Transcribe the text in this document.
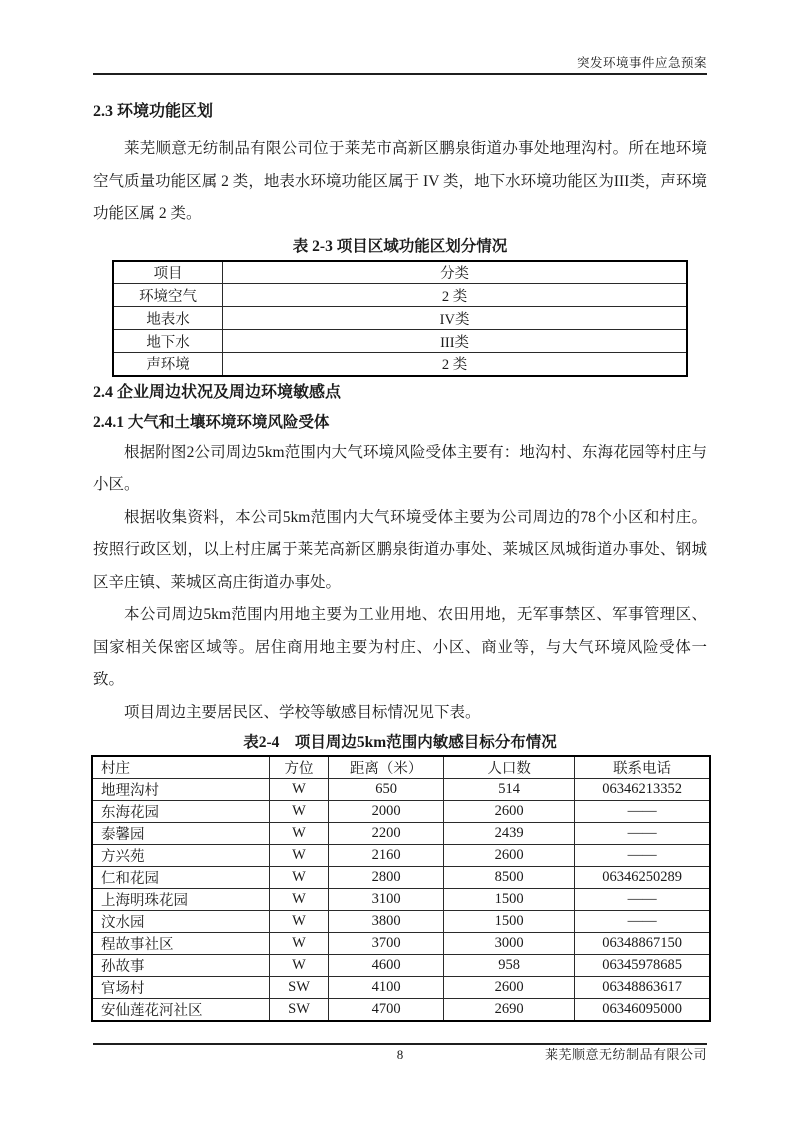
突发环境事件应急预案
2.3 环境功能区划

莱芜顺意无纺制品有限公司位于莱芜市高新区鹏泉街道办事处地理沟村。所在地环境空气质量功能区属 2 类，地表水环境功能区属于 IV 类，地下水环境功能区为III类，声环境功能区属 2 类。

表 2-3 项目区域功能区划分情况
项目	分类
环境空气	2 类
地表水	IV类
地下水	III类
声环境	2 类
2.4 企业周边状况及周边环境敏感点
2.4.1 大气和土壤环境环境风险受体

根据附图2公司周边5km范围内大气环境风险受体主要有：地沟村、东海花园等村庄与小区。

根据收集资料，本公司5km范围内大气环境受体主要为公司周边的78个小区和村庄。按照行政区划，以上村庄属于莱芜高新区鹏泉街道办事处、莱城区凤城街道办事处、钢城区辛庄镇、莱城区高庄街道办事处。

本公司周边5km范围内用地主要为工业用地、农田用地，无军事禁区、军事管理区、国家相关保密区域等。居住商用地主要为村庄、小区、商业等，与大气环境风险受体一致。

项目周边主要居民区、学校等敏感目标情况见下表。

表2-4　项目周边5km范围内敏感目标分布情况
村庄	方位	距离（米）	人口数	联系电话
地理沟村	W	650	514	06346213352
东海花园	W	2000	2600	——
泰馨园	W	2200	2439	——
方兴苑	W	2160	2600	——
仁和花园	W	2800	8500	06346250289
上海明珠花园	W	3100	1500	——
汶水园	W	3800	1500	——
程故事社区	W	3700	3000	06348867150
孙故事	W	4600	958	06345978685
官场村	SW	4100	2600	06348863617
安仙莲花河社区	SW	4700	2690	06346095000
8	莱芜顺意无纺制品有限公司
